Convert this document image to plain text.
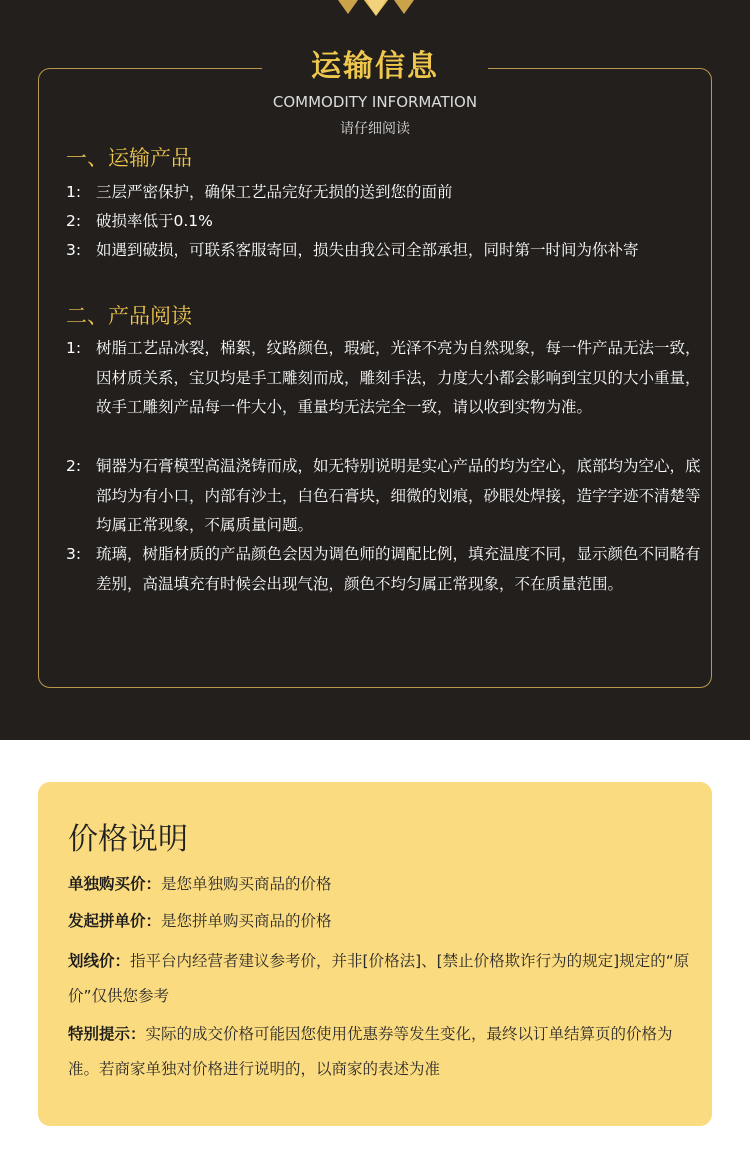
运输信息
COMMODITY INFORMATION
请仔细阅读
一、运输产品
1: 三层严密保护，确保工艺品完好无损的送到您的面前
2: 破损率低于0.1%
3: 如遇到破损，可联系客服寄回，损失由我公司全部承担，同时第一时间为你补寄
二、产品阅读
1: 树脂工艺品冰裂，棉絮，纹路颜色，瑕疵，光泽不亮为自然现象，每一件产品无法一致，因材质关系，宝贝均是手工雕刻而成，雕刻手法，力度大小都会影响到宝贝的大小重量，故手工雕刻产品每一件大小，重量均无法完全一致，请以收到实物为准。
2: 铜器为石膏模型高温浇铸而成，如无特别说明是实心产品的均为空心，底部均为空心，底部均为有小口，内部有沙土，白色石膏块，细微的划痕，砂眼处焊接，造字字迹不清楚等均属正常现象，不属质量问题。
3: 琉璃，树脂材质的产品颜色会因为调色师的调配比例，填充温度不同，显示颜色不同略有差别，高温填充有时候会出现气泡，颜色不均匀属正常现象，不在质量范围。
价格说明
单独购买价：是您单独购买商品的价格
发起拼单价：是您拼单购买商品的价格
划线价：指平台内经营者建议参考价，并非[价格法]、[禁止价格欺诈行为的规定]规定的“原价”仅供您参考
特别提示：实际的成交价格可能因您使用优惠券等发生变化，最终以订单结算页的价格为准。若商家单独对价格进行说明的，以商家的表述为准
